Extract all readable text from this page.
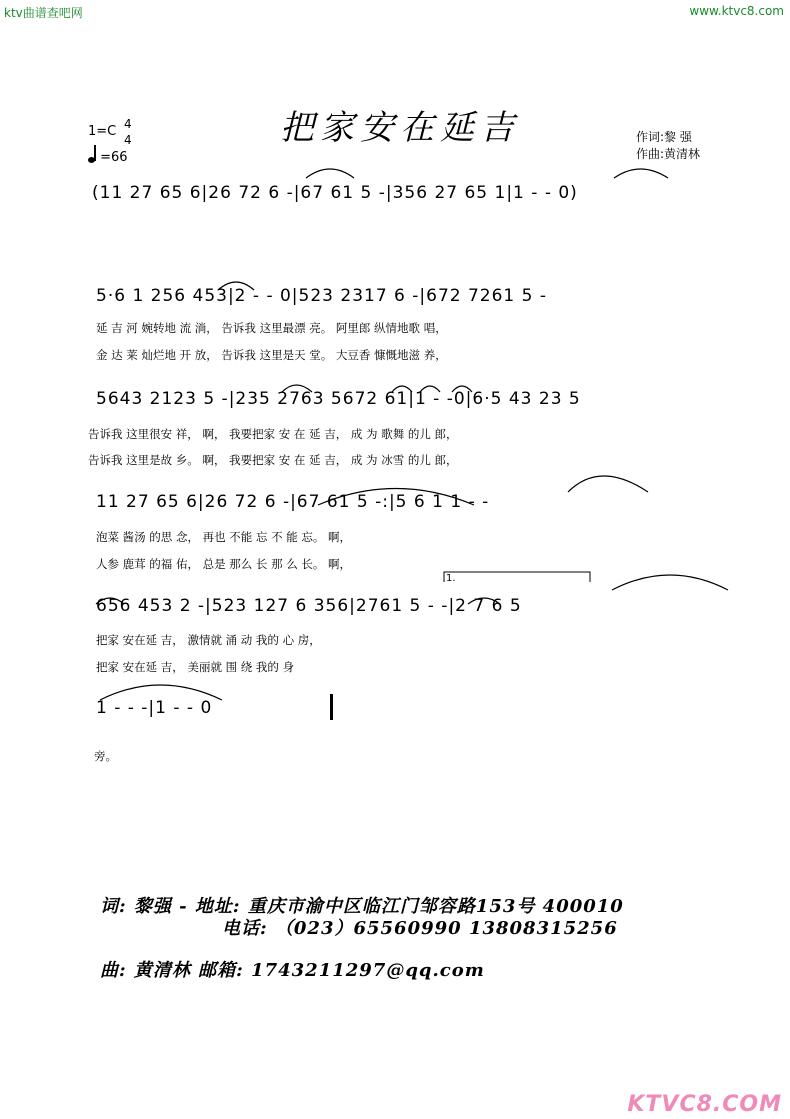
ktv曲谱查吧网	www.ktvc8.com
KTVC8.COM
把家安在延吉
1=C 4
4
=66
作词:黎 强
作曲:黄清林
(11 27 65 6|26 72 6 -|67 61 5 -|356 27 65 1|1 - - 0)
5·6 1 256 453|2 - - 0|523 2317 6 -|672 7261 5 -
延 吉 河 婉转地 流 淌， 告诉我 这里最漂 亮。 阿里郎 纵情地歌 唱，
金 达 莱 灿烂地 开 放， 告诉我 这里是天 堂。 大豆香 慷慨地滋 养，
5643 2123 5 -|235 2763 5672 61|1 - -0|6·5 43 23 5
告诉我 这里很安 祥， 啊， 我要把家 安 在 延 吉， 成 为 歌舞 的儿 郎，
告诉我 这里是故 乡。 啊， 我要把家 安 在 延 吉， 成 为 冰雪 的儿 郎，
11 27 65 6|26 72 6 -|67 61 5 -:|5 6 1 1 - -
泡菜 酱汤 的思 念， 再也 不能 忘 不 能 忘。 啊，
人参 鹿茸 的福 佑， 总是 那么 长 那 么 长。 啊，
1.
656 453 2 -|523 127 6 356|2761 5 - -|2 7 6 5
把家 安在延 吉， 激情就 涌 动 我的 心 房，
把家 安在延 吉， 美丽就 围 绕 我的 身
1 - - -|1 - - 0
旁。
词: 黎强 - 地址: 重庆市渝中区临江门邹容路153号 400010
电话: （023）65560990 13808315256
曲: 黄清林 邮箱: 1743211297@qq.com
